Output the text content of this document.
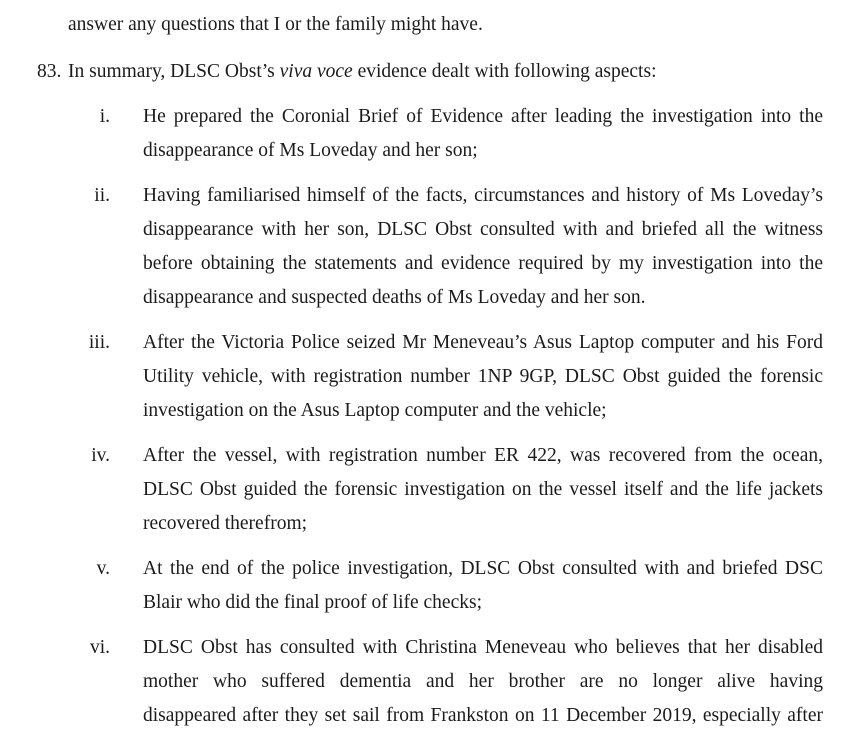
answer any questions that I or the family might have.
83. In summary, DLSC Obst’s viva voce evidence dealt with following aspects:
i. He prepared the Coronial Brief of Evidence after leading the investigation into the
disappearance of Ms Loveday and her son;
ii. Having familiarised himself of the facts, circumstances and history of Ms Loveday’s
disappearance with her son, DLSC Obst consulted with and briefed all the witness
before obtaining the statements and evidence required by my investigation into the
disappearance and suspected deaths of Ms Loveday and her son.
iii. After the Victoria Police seized Mr Meneveau’s Asus Laptop computer and his Ford
Utility vehicle, with registration number 1NP 9GP, DLSC Obst guided the forensic
investigation on the Asus Laptop computer and the vehicle;
iv. After the vessel, with registration number ER 422, was recovered from the ocean,
DLSC Obst guided the forensic investigation on the vessel itself and the life jackets
recovered therefrom;
v. At the end of the police investigation, DLSC Obst consulted with and briefed DSC
Blair who did the final proof of life checks;
vi. DLSC Obst has consulted with Christina Meneveau who believes that her disabled
mother who suffered dementia and her brother are no longer alive having
disappeared after they set sail from Frankston on 11 December 2019, especially after
